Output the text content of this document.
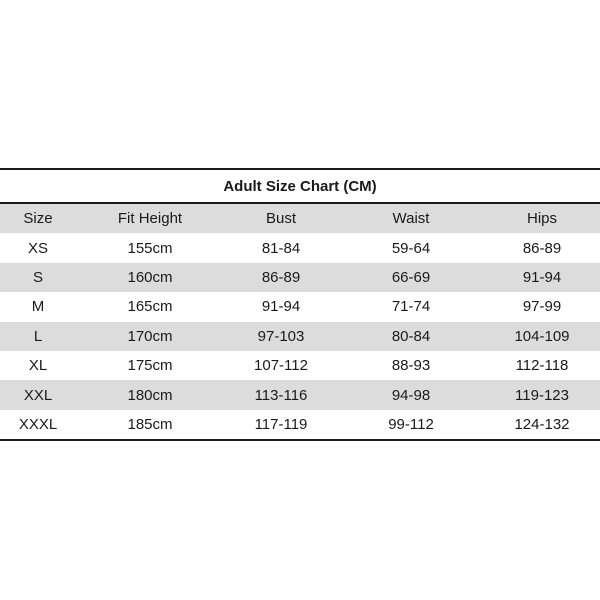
Adult Size Chart (CM)
Size	Fit Height	Bust	Waist	Hips
XS	155cm	81-84	59-64	86-89
S	160cm	86-89	66-69	91-94
M	165cm	91-94	71-74	97-99
L	170cm	97-103	80-84	104-109
XL	175cm	107-112	88-93	112-118
XXL	180cm	113-116	94-98	119-123
XXXL	185cm	117-119	99-112	124-132
